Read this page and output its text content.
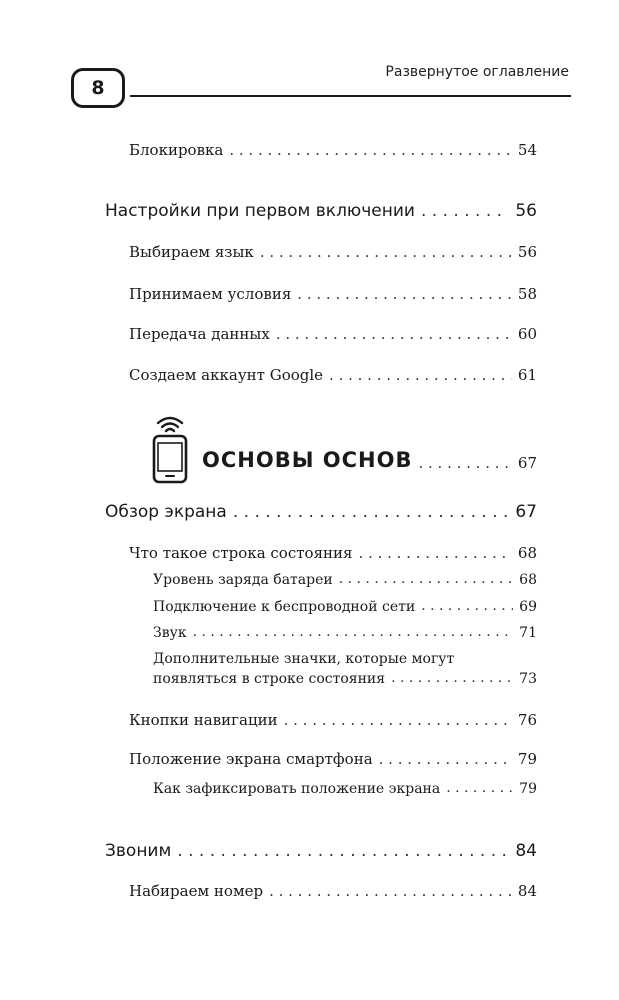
8
Развернутое оглавление
Блокировка . . .	54
Настройки при первом включении . . .	56
Выбираем язык . . .	56
Принимаем условия . . .	58
Передача данных . . .	60
Создаем аккаунт Google . . .	61
ОСНОВЫ ОСНОВ . . .	67
Обзор экрана . . .	67
Что такое строка состояния . . .	68
Уровень заряда батареи . . .	68
Подключение к беспроводной сети . . .	69
Звук . . .	71
Дополнительные значки, которые могут
появляться в строке состояния . . .	73
Кнопки навигации . . .	76
Положение экрана смартфона . . .	79
Как зафиксировать положение экрана . . .	79
Звоним . . .	84
Набираем номер . . .	84
